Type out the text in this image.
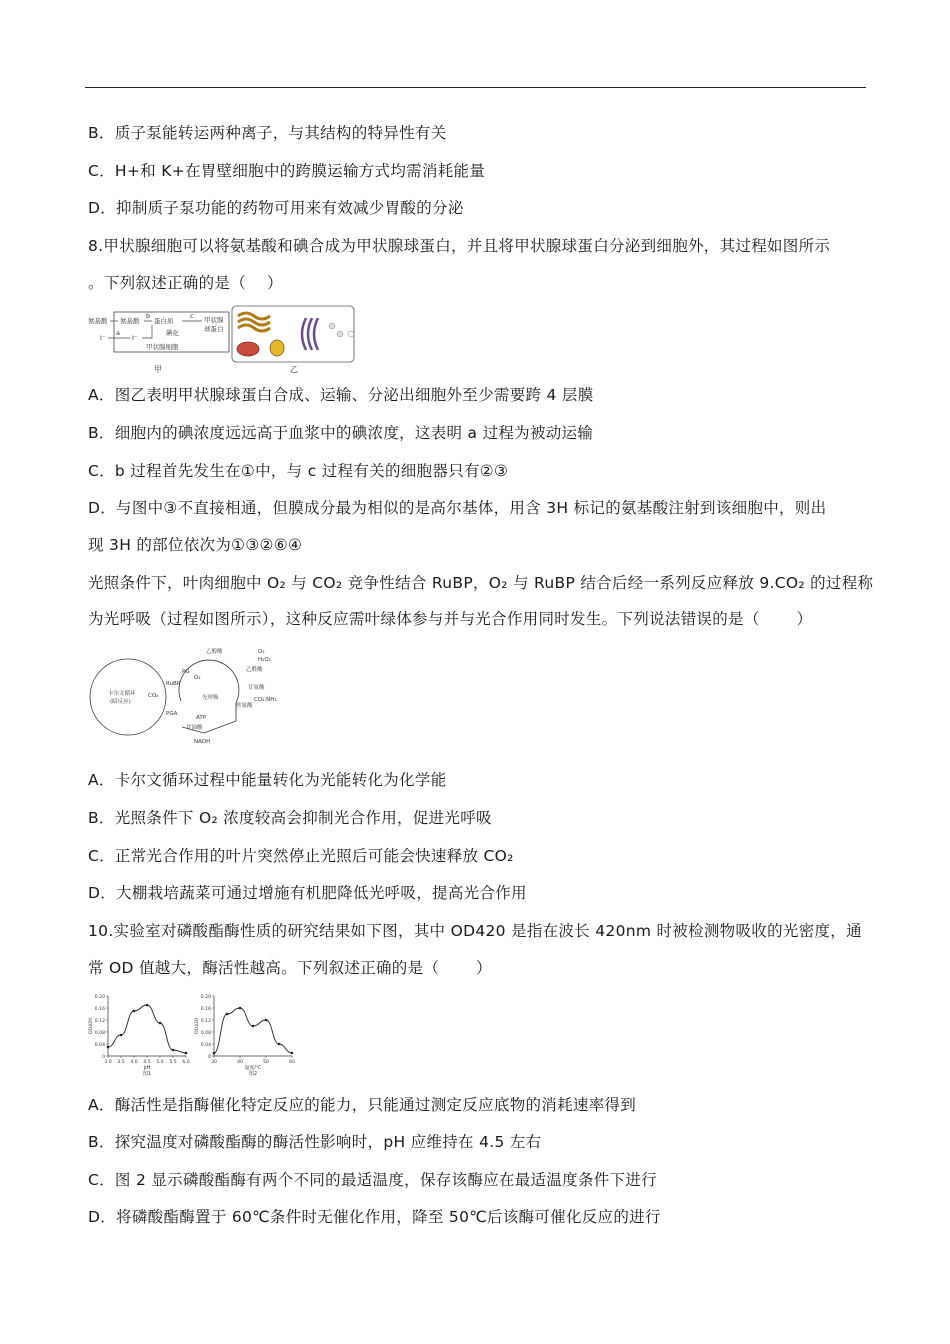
B．质子泵能转运两种离子，与其结构的特异性有关
C．H+和 K+在胃壁细胞中的跨膜运输方式均需消耗能量
D．抑制质子泵功能的药物可用来有效减少胃酸的分泌
8.甲状腺细胞可以将氨基酸和碘合成为甲状腺球蛋白，并且将甲状腺球蛋白分泌到细胞外，其过程如图所示
。下列叙述正确的是（　 ）
氨基酸 氨基酸 蛋白质
碘化
甲状腺
球蛋白
甲状腺细胞
I⁻	I⁻
a
b	c
甲	乙
A．图乙表明甲状腺球蛋白合成、运输、分泌出细胞外至少需要跨 4 层膜
B．细胞内的碘浓度远远高于血浆中的碘浓度，这表明 a 过程为被动运输
C．b 过程首先发生在①中，与 c 过程有关的细胞器只有②③
D．与图中③不直接相通，但膜成分最为相似的是高尔基体，用含 3H 标记的氨基酸注射到该细胞中，则出
现 3H 的部位依次为①③②⑥④
光照条件下，叶肉细胞中 O₂ 与 CO₂ 竞争性结合 RuBP，O₂ 与 RuBP 结合后经一系列反应释放 9.CO₂ 的过程称
为光呼吸（过程如图所示），这种反应需叶绿体参与并与光合作用同时发生。下列说法错误的是（　　 ）
卡尔文循环
(暗反应)
光呼吸
RuBP
PG
PGA
CO₂
O₂
乙醇酸
乙醛酸
甘氨酸
丝氨酸
甘油酸
ATP
NADH
O₂
H₂O₂
CO₂,NH₃
A．卡尔文循环过程中能量转化为光能转化为化学能
B．光照条件下 O₂ 浓度较高会抑制光合作用，促进光呼吸
C．正常光合作用的叶片突然停止光照后可能会快速释放 CO₂
D．大棚栽培蔬菜可通过增施有机肥降低光呼吸，提高光合作用
10.实验室对磷酸酯酶性质的研究结果如下图，其中 OD420 是指在波长 420nm 时被检测物吸收的光密度，通
常 OD 值越大，酶活性越高。下列叙述正确的是（　　 ）
0
0.04
0.08
0.12
0.16
0.20
3.0 3.5 4.0 4.5 5.0 5.5 6.0
OD420
pH
图1
0
0.04
0.08
0.12
0.16
0.20
30	40	50	60
OD420
温度/℃
图2
A．酶活性是指酶催化特定反应的能力，只能通过测定反应底物的消耗速率得到
B．探究温度对磷酸酯酶的酶活性影响时，pH 应维持在 4.5 左右
C．图 2 显示磷酸酯酶有两个不同的最适温度，保存该酶应在最适温度条件下进行
D．将磷酸酯酶置于 60℃条件时无催化作用，降至 50℃后该酶可催化反应的进行
